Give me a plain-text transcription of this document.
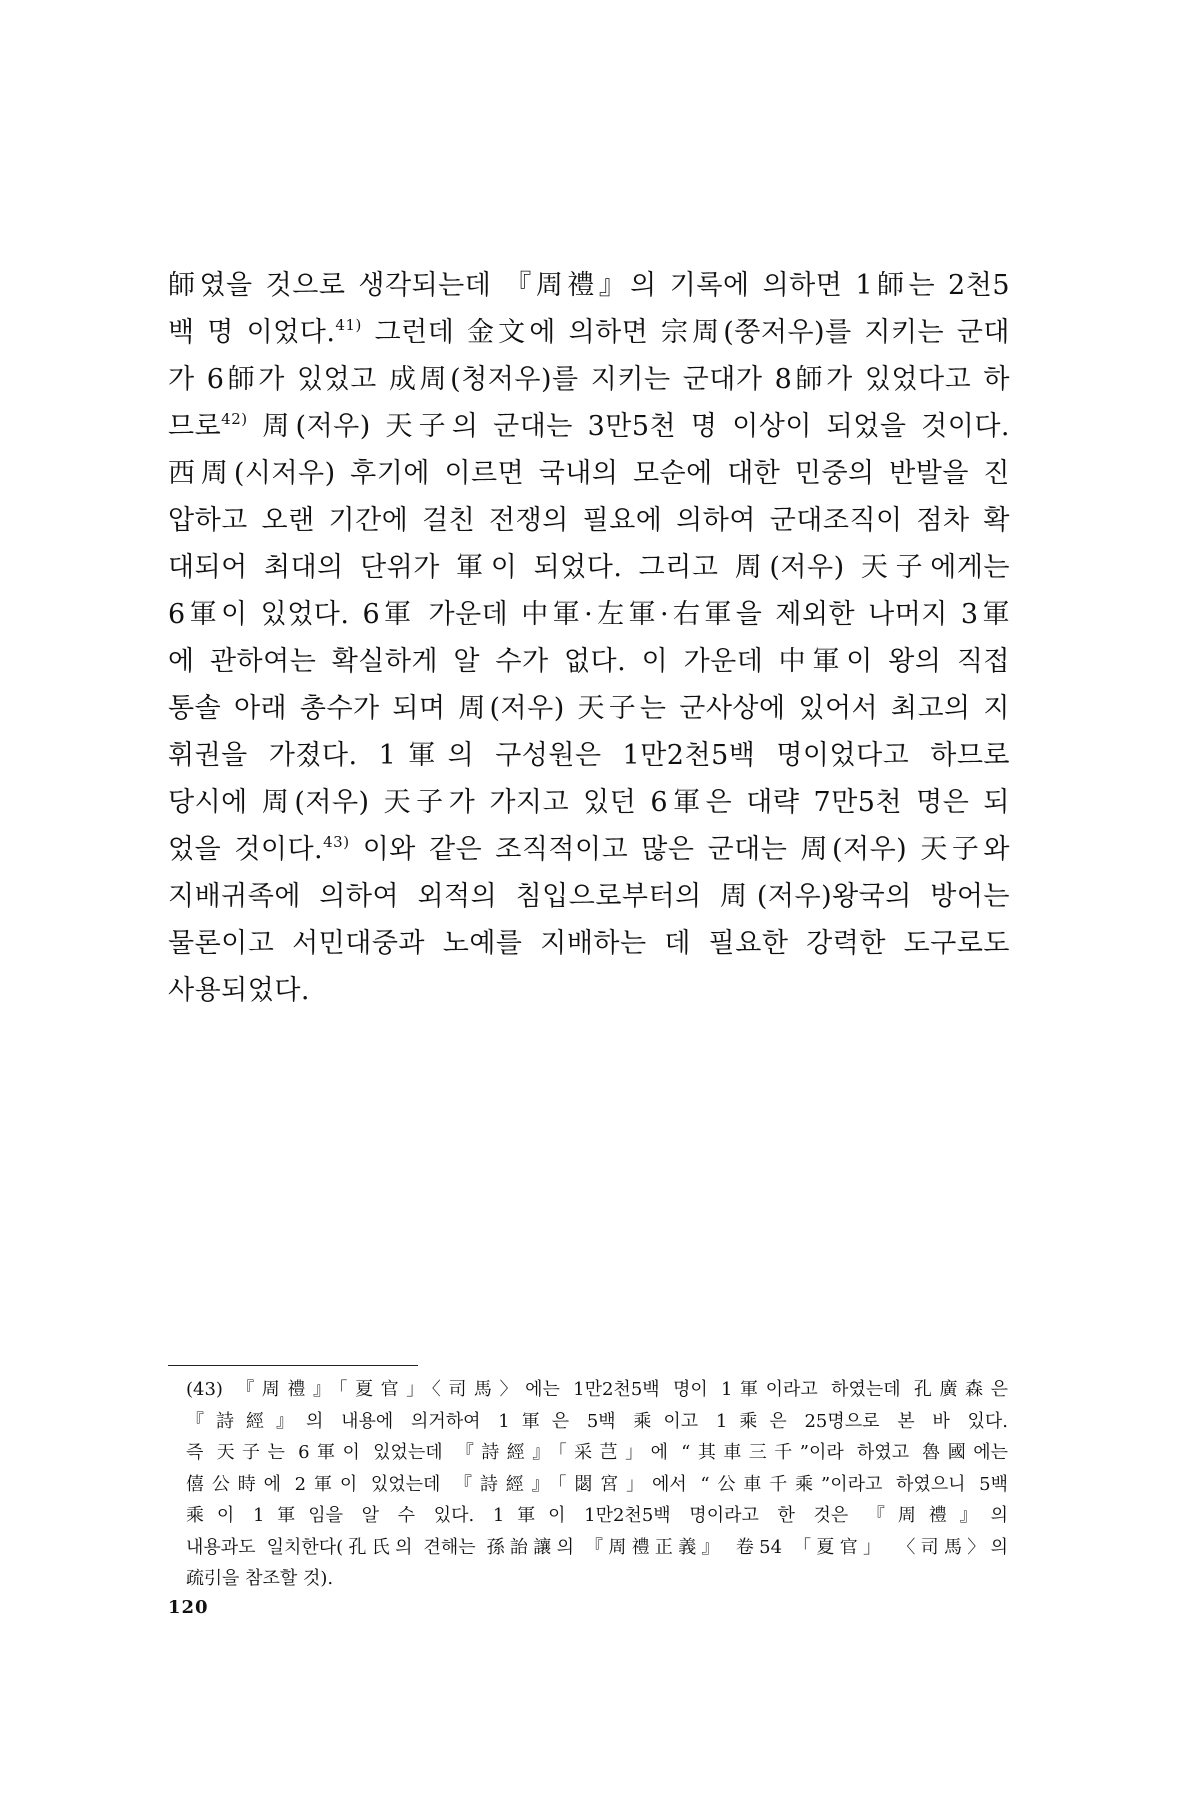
師였을 것으로 생각되는데 『周禮』의 기록에 의하면 1師는 2천5
백 명 이었다.$^{41)}$ 그런데 金文에 의하면 宗周(쭝저우)를 지키는 군대
가 6師가 있었고 成周(청저우)를 지키는 군대가 8師가 있었다고 하
므로$^{42)}$ 周(저우) 天子의 군대는 3만5천 명 이상이 되었을 것이다.
西周(시저우) 후기에 이르면 국내의 모순에 대한 민중의 반발을 진
압하고 오랜 기간에 걸친 전쟁의 필요에 의하여 군대조직이 점차 확
대되어 최대의 단위가 軍이 되었다. 그리고 周(저우) 天子에게는
6軍이 있었다. 6軍 가운데 中軍·左軍·右軍을 제외한 나머지 3軍
에 관하여는 확실하게 알 수가 없다. 이 가운데 中軍이 왕의 직접
통솔 아래 총수가 되며 周(저우) 天子는 군사상에 있어서 최고의 지
휘권을 가졌다. 1軍의 구성원은 1만2천5백 명이었다고 하므로
당시에 周(저우) 天子가 가지고 있던 6軍은 대략 7만5천 명은 되
었을 것이다.$^{43)}$ 이와 같은 조직적이고 많은 군대는 周(저우) 天子와
지배귀족에 의하여 외적의 침입으로부터의 周(저우)왕국의 방어는
물론이고 서민대중과 노예를 지배하는 데 필요한 강력한 도구로도
사용되었다.
(43) 『周禮』「夏官」〈司馬〉에는 1만2천5백 명이 1軍이라고 하였는데 孔廣森은
『詩經』의 내용에 의거하여 1軍은 5백 乘이고 1乘은 25명으로 본 바 있다.
즉 天子는 6軍이 있었는데 『詩經』「采芑」에 “其車三千”이라 하였고 魯國에는
僖公時에 2軍이 있었는데 『詩經』「閟宮」에서 “公車千乘”이라고 하였으니 5백
乘이 1軍임을 알 수 있다. 1軍이 1만2천5백 명이라고 한 것은 『周禮』의
내용과도 일치한다(孔氏의 견해는 孫詒讓의 『周禮正義』 卷54 「夏官」 〈司馬〉의
疏引을 참조할 것).
120
